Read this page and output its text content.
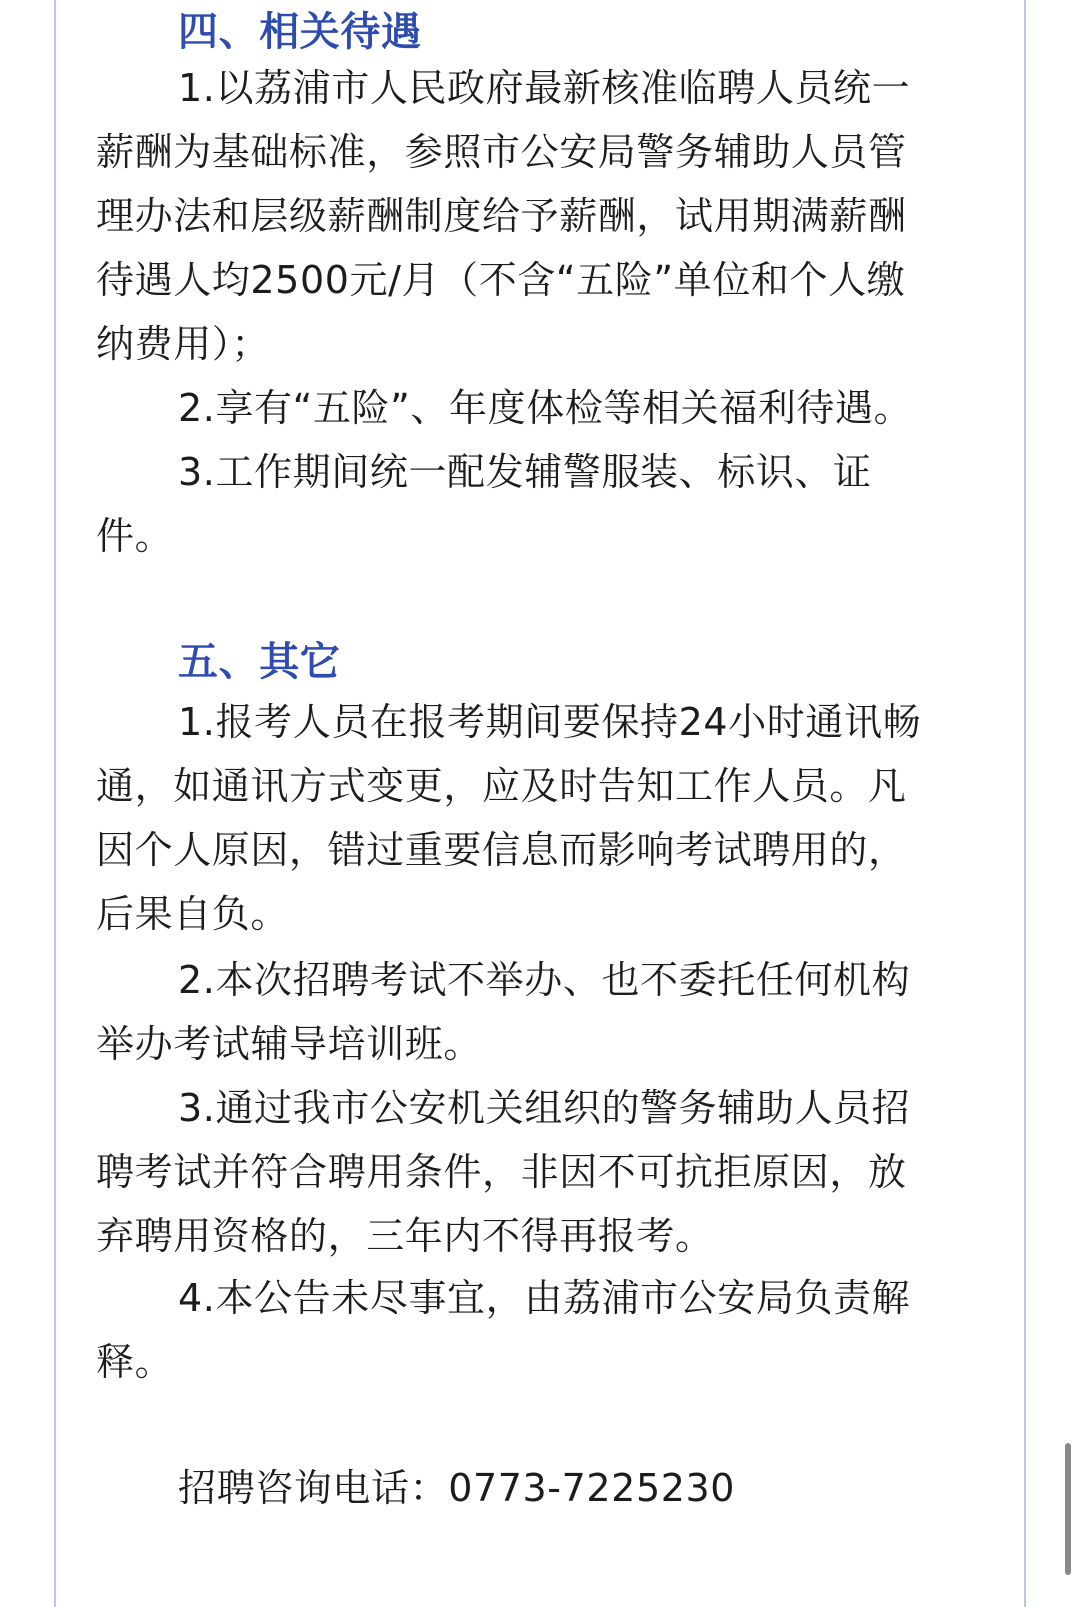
四、相关待遇
1.以荔浦市人民政府最新核准临聘人员统一
薪酬为基础标准，参照市公安局警务辅助人员管
理办法和层级薪酬制度给予薪酬，试用期满薪酬
待遇人均2500元/月（不含“五险”单位和个人缴
纳费用）；
2.享有“五险”、年度体检等相关福利待遇。
3.工作期间统一配发辅警服装、标识、证
件。
五、其它
1.报考人员在报考期间要保持24小时通讯畅
通，如通讯方式变更，应及时告知工作人员。凡
因个人原因，错过重要信息而影响考试聘用的，
后果自负。
2.本次招聘考试不举办、也不委托任何机构
举办考试辅导培训班。
3.通过我市公安机关组织的警务辅助人员招
聘考试并符合聘用条件，非因不可抗拒原因，放
弃聘用资格的，三年内不得再报考。
4.本公告未尽事宜，由荔浦市公安局负责解
释。
招聘咨询电话：0773-7225230
